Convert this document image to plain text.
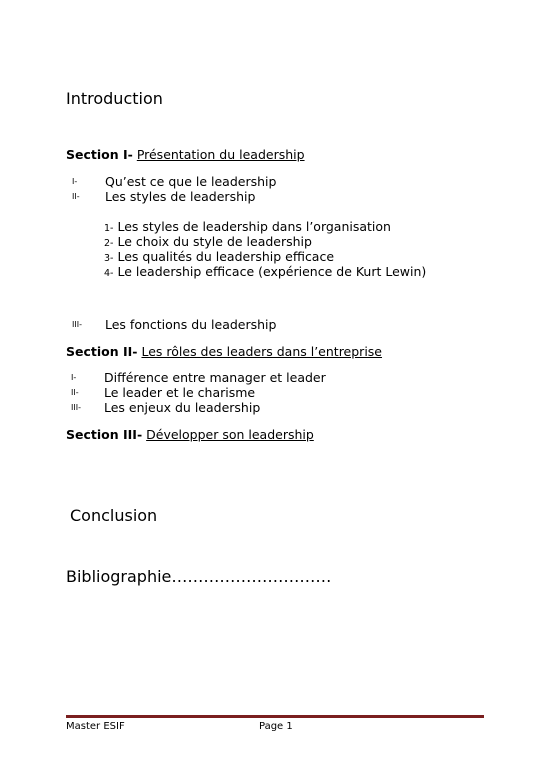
Introduction
Section I- Présentation du leadership
I- Qu’est ce que le leadership
II- Les styles de leadership
1- Les styles de leadership dans l’organisation
2- Le choix du style de leadership
3- Les qualités du leadership efficace
4- Le leadership efficace (expérience de Kurt Lewin)
III- Les fonctions du leadership
Section II- Les rôles des leaders dans l’entreprise
I- Différence entre manager et leader
II- Le leader et le charisme
III- Les enjeux du leadership
Section III- Développer son leadership
Conclusion
Bibliographie…………………………
Master ESIF	Page 1
